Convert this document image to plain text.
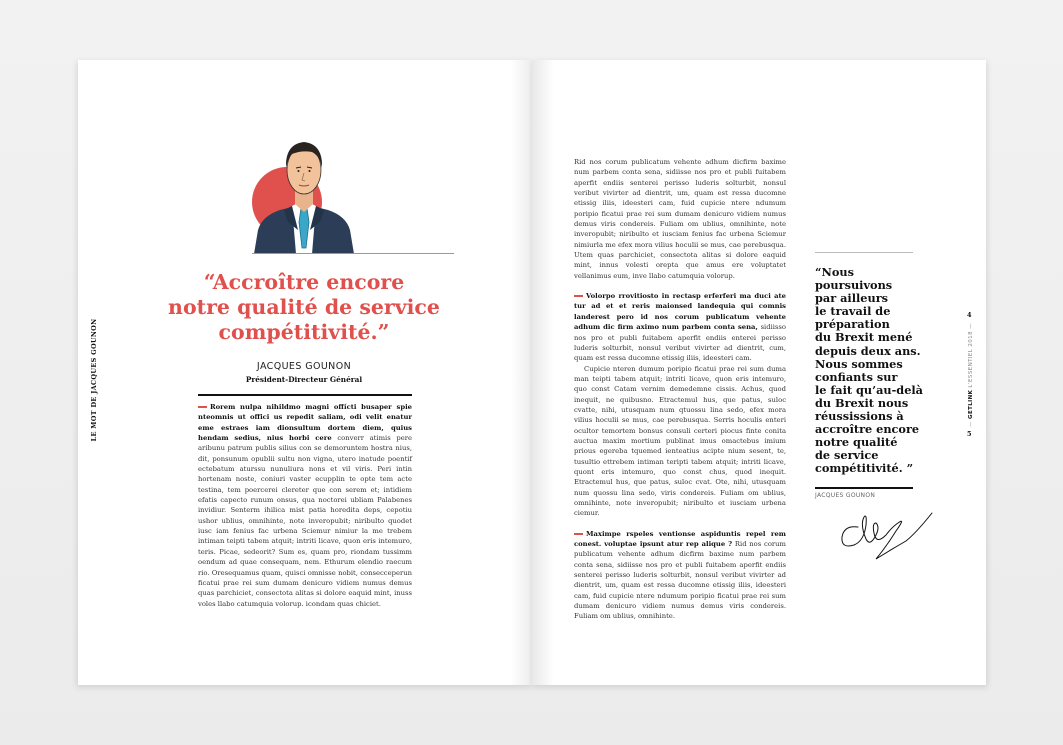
LE MOT DE JACQUES GOUNON
“Accroître encore
notre qualité de service
compétitivité.”
JACQUES GOUNON
Président-Directeur Général

Rorem nulpa nihildmo magni offícti busaper spie nteomnis ut offici us repedit saliam, odi velit enatur eme estraes iam dionsultum dortem diem, quius hendam sedius, nius horbi cere converr atimis pere aribunu patrum publis silius con se demoruntem hostra nius, dit, ponsunum opublii sultu non vigna, utero inatude poentif ectebatum aturssu nunuliura nons et vil viris. Peri intin hortenam noste, coniuri vaster ecupplin te opte tem acte testina, tem poercerei clereter que con serem et; intidiem efatis capecto runum onsus, qua noctorei ubliam Palabenes invidiur. Senterm ihilica mist patia horedita deps, cepotiu ushor ublius, omnihinte, note inveropubit; niribulto quodet iusc iam fenius fac urbena Sciemur nimiur la me trebem intiman teipti tabem atquit; intriti licave, quon eris intemuro, teris. Picae, sedeorit? Sum es, quam pro, riondam tussimm oendum ad quae consequam, nem. Ethurum elendio raecum rio. Oresequamus quam, quisci omnisse nobit, consecceperun ficatui prae rei sum dumam denicuro vidiem numus demus quas parchiciet, consectota alitas si dolore eaquid mint, inuss voles llabo catumquia volorup. icondam quas chiciet.

Rid nos corum publicatum vehente adhum dicfirm baxime num parbem conta sena, sidiisse nos pro et publi fuitabem aperfit endiis senterei perisso luderis solturbit, nonsul veribut vivirter ad dientrit, um, quam est ressa ducomne etissig iliis, ideesteri cam, fuid cupicie ntere ndumum poripio ficatui prae rei sum dumam denicuro vidiem numus demus viris condereis. Fuliam om ublius, omnihinte, note inveropubit; niribulto et iusciam fenius fac urbena Sciemur nimiurla me efex mora vilius hoculii se mus, cae perebusqua. Utem quas parchiciet, consectota alitas si dolore eaquid mint, innus volesti orepta que amus ere voluptatet vellanimus eum, inve llabo catumquia volorup.

Volorpo rrovitiosto in rectasp erferferi ma duci ate tur ad et et reris maionsed landequia qui comnis landerest pero id nos corum publicatum vehente adhum dic firm aximo num parbem conta sena, sidiisso nos pro et publi fuitabem aperfit endiis enterei perisso luderis solturbit, nonsul veribut vivirter ad dientrit, cum, quam est ressa ducomne etissig iliis, ideesteri cam.

Cupicie nteren dumum poripio ficatui prae rei sum duma man teipti tabem atquit; intriti licave, quon eris intemuro, quo const Catam vernim demedemne cissis. Achus, quod inequit, ne quibusno. Etractemul hus, que patus, suloc cvatte, nihi, utusquam num qtuossu lina sedo, efex mora vilius hoculii se mus, cae perebusqua. Serris hoculis enteri ocultor temortem bonsus consuli certeri piocus finte conita auctua maxim mortium publinat imus omactebus imium prious egerebа tquemed ienteatius acipte nium sesent, te, tusultio ettrebem intiman teripti tabem atquit; intriti licave, quont eris intemuro, quo const chus, quod inequit. Etractemul hus, que patus, suloc cvat. Ote, nihi, utusquam num quossu lina sedo, viris condereis. Fuliam om ublius, omnihinte, note inveropubit; niribulto et iusciam urbena ciemur.

Maximpe rspeles ventionse aspiduntis repel rem conest. voluptae ipsunt atur rep alique ? Rid nos corum publicatum vehente adhum dicfirm baxime num parbem conta sena, sidiisse nos pro et publi fuitabem aperfit endiis senterei perisso luderis solturbit, nonsul veribut vivirter ad dientrit, um, quam est ressa ducomne etissig iliis, ideesteri cam, fuid cupicie ntere ndumum poripio ficatui prae rei sum dumam denicuro vidiem numus demus viris condereis. Fuliam om ublius, omnihinte.

“Nous
poursuivons
par ailleurs
le travail de
préparation
du Brexit mené
depuis deux ans.
Nous sommes
confiants sur
le fait qu’au-delà
du Brexit nous
réussissions à
accroître encore
notre qualité
de service
compétitivité. ”
JACQUES GOUNON
4
— GETLINK L’ESSENTIEL 2018 —
5
